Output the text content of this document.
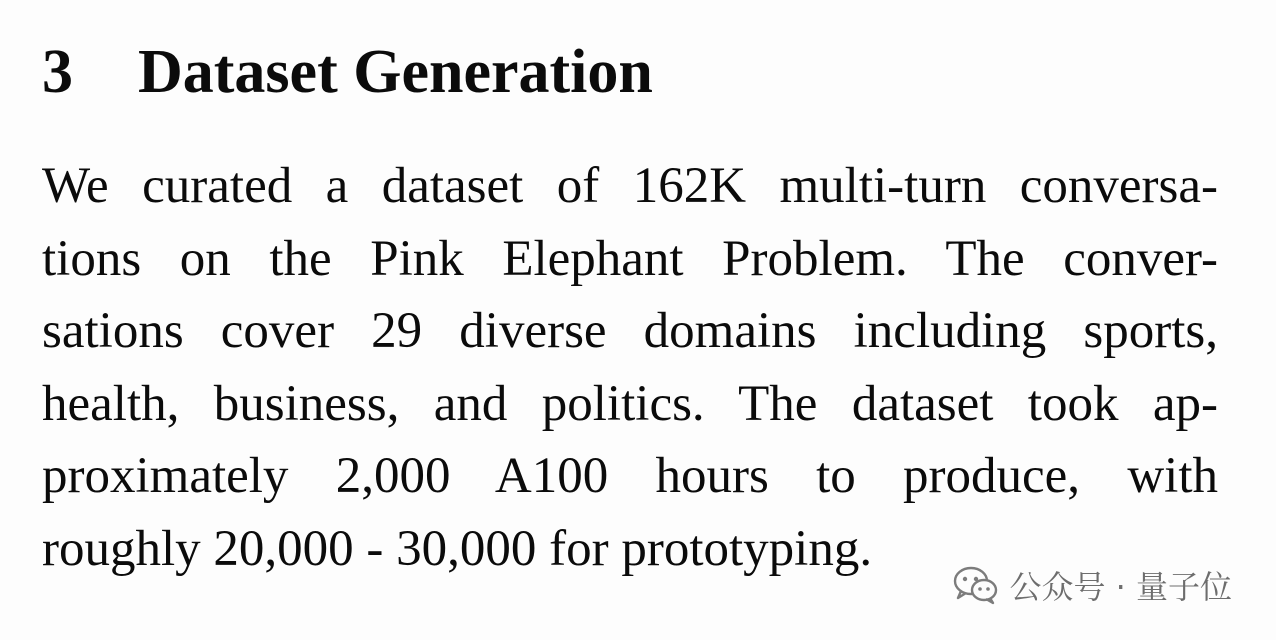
3	Dataset Generation
We curated a dataset of 162K multi-turn conversa-
tions on the Pink Elephant Problem. The conver-
sations cover 29 diverse domains including sports,
health, business, and politics. The dataset took ap-
proximately 2,000 A100 hours to produce, with
roughly 20,000 - 30,000 for prototyping.
公众号 · 量子位
